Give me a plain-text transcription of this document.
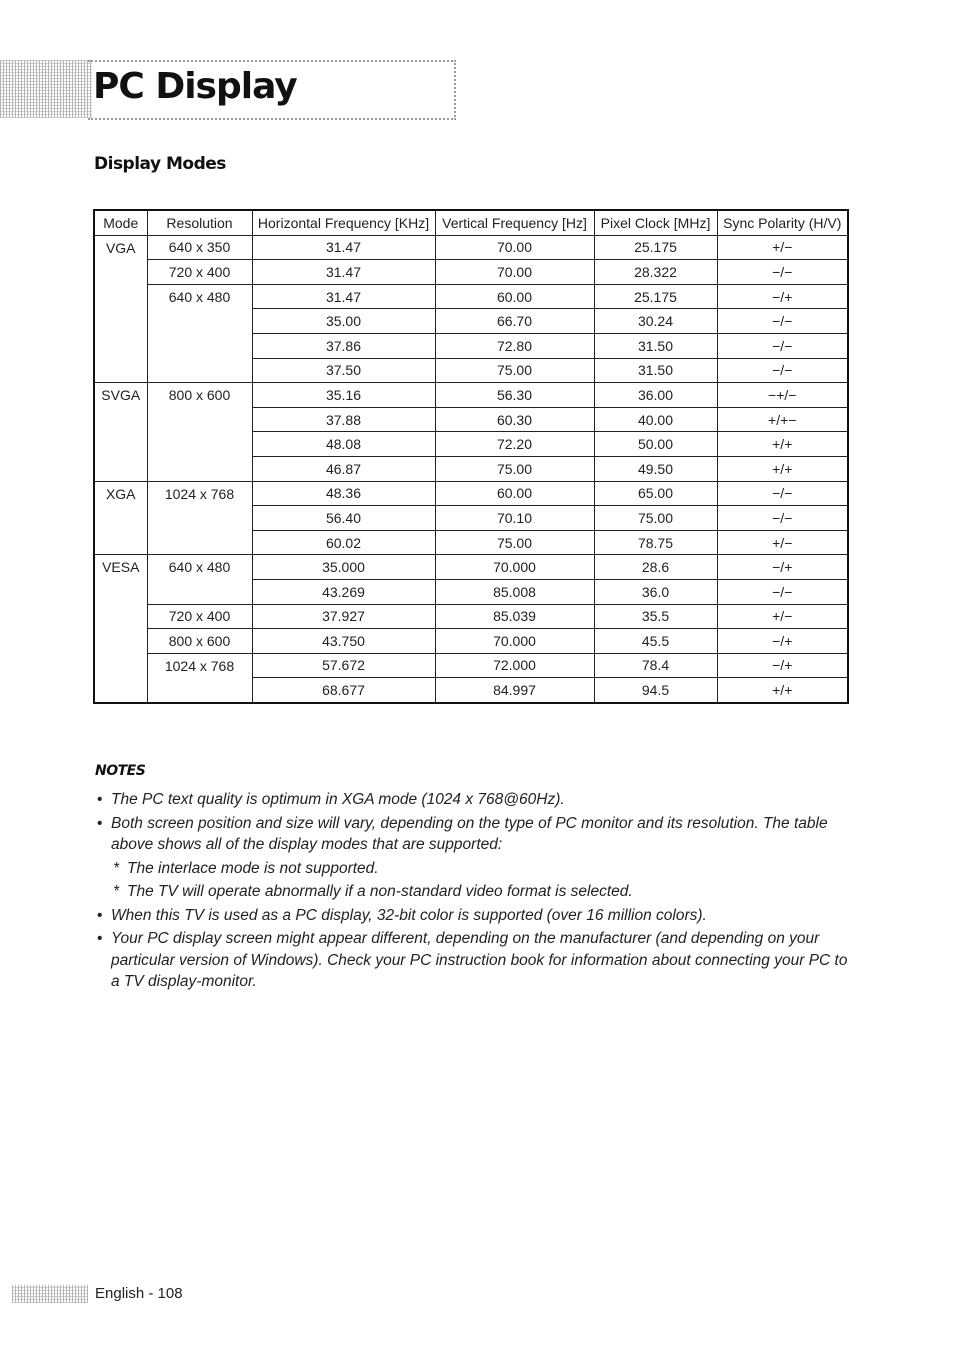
PC Display
Display Modes
Mode	Resolution	Horizontal Frequency [KHz]	Vertical Frequency [Hz]	Pixel Clock [MHz]	Sync Polarity (H/V)
VGA	640 x 350	31.47	70.00	25.175	+/−
	720 x 400	31.47	70.00	28.322	−/−
	640 x 480	31.47	60.00	25.175	−/+
		35.00	66.70	30.24	−/−
		37.86	72.80	31.50	−/−
		37.50	75.00	31.50	−/−
SVGA	800 x 600	35.16	56.30	36.00	−+/−
		37.88	60.30	40.00	+/+−
		48.08	72.20	50.00	+/+
		46.87	75.00	49.50	+/+
XGA	1024 x 768	48.36	60.00	65.00	−/−
		56.40	70.10	75.00	−/−
		60.02	75.00	78.75	+/−
VESA	640 x 480	35.000	70.000	28.6	−/+
		43.269	85.008	36.0	−/−
	720 x 400	37.927	85.039	35.5	+/−
	800 x 600	43.750	70.000	45.5	−/+
	1024 x 768	57.672	72.000	78.4	−/+
		68.677	84.997	94.5	+/+
NOTES
• The PC text quality is optimum in XGA mode (1024 x 768@60Hz).
• Both screen position and size will vary, depending on the type of PC monitor and its resolution. The table above shows all of the display modes that are supported:
* The interlace mode is not supported.
* The TV will operate abnormally if a non-standard video format is selected.
• When this TV is used as a PC display, 32-bit color is supported (over 16 million colors).
• Your PC display screen might appear different, depending on the manufacturer (and depending on your particular version of Windows). Check your PC instruction book for information about connecting your PC to a TV display-monitor.
English - 108
